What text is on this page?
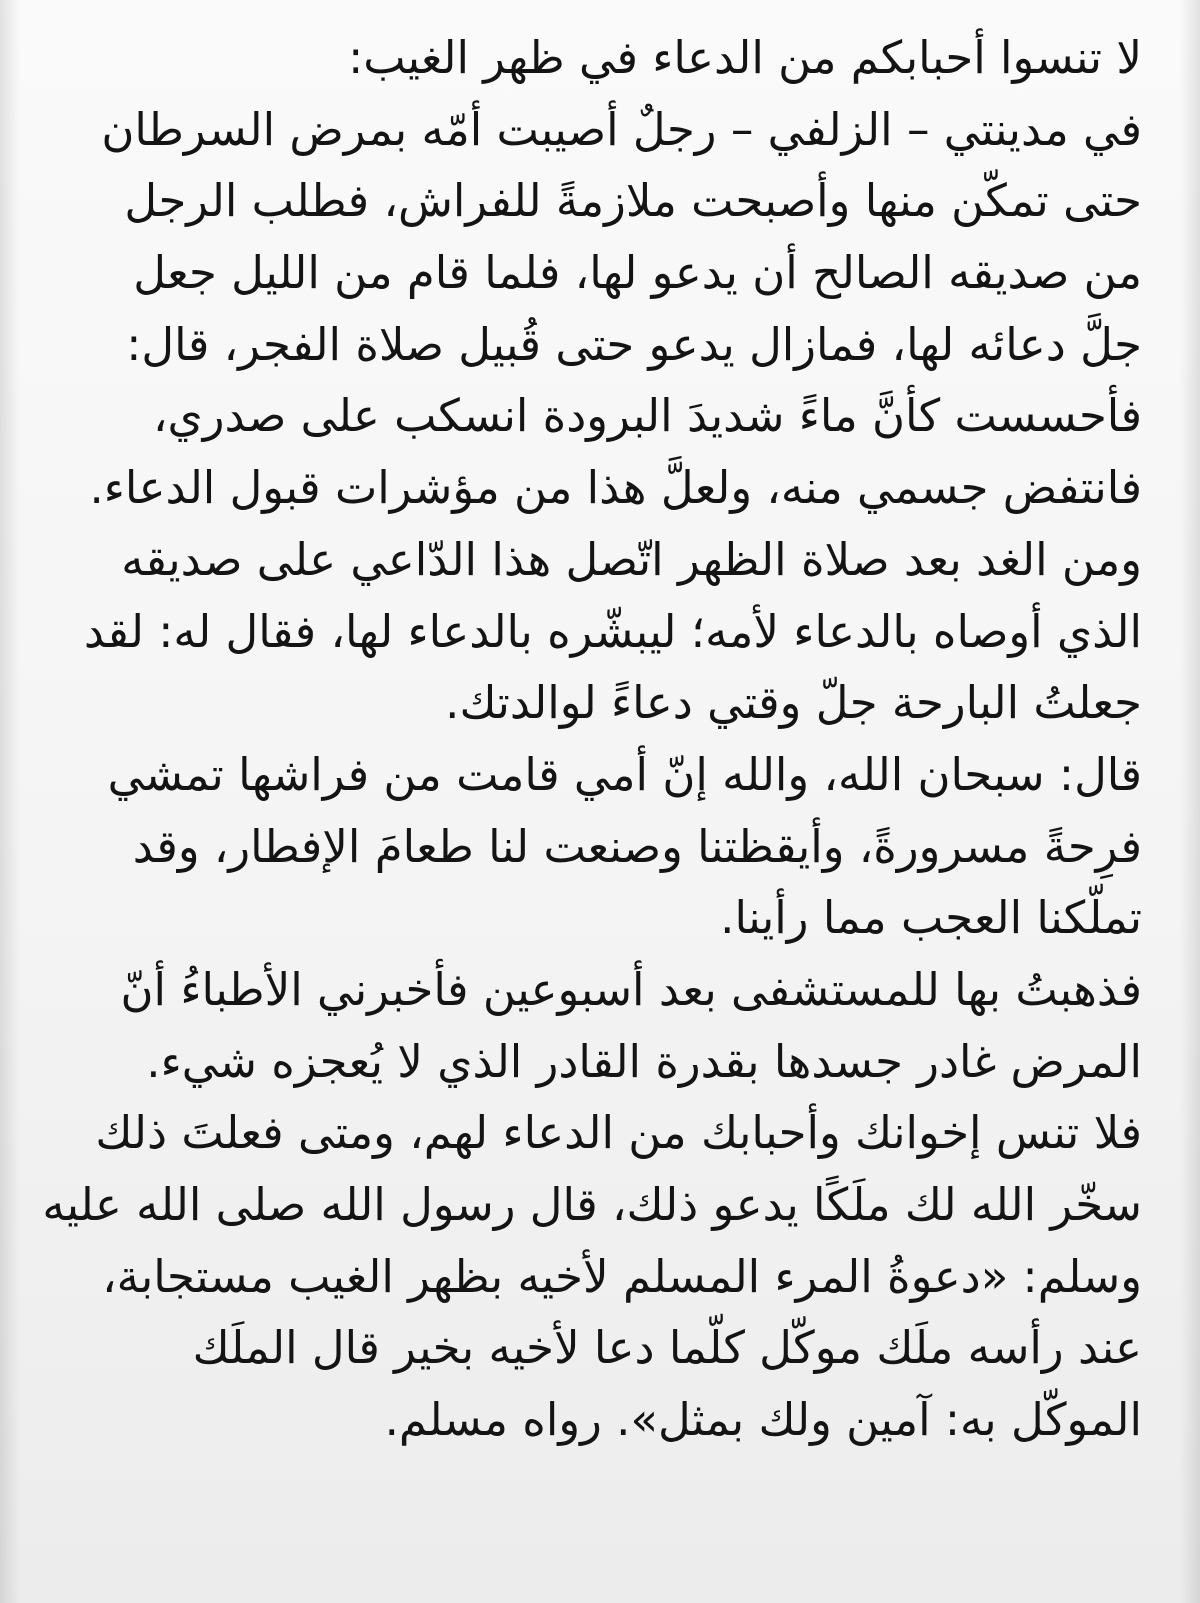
لا تنسوا أحبابكم من الدعاء في ظهر الغيب:
في مدينتي – الزلفي – رجلٌ أصيبت أمّه بمرض السرطان
حتى تمكّن منها وأصبحت ملازمةً للفراش، فطلب الرجل
من صديقه الصالح أن يدعو لها، فلما قام من الليل جعل
جلَّ دعائه لها، فمازال يدعو حتى قُبيل صلاة الفجر، قال:
فأحسست كأنَّ ماءً شديدَ البرودة انسكب على صدري،
فانتفض جسمي منه، ولعلَّ هذا من مؤشرات قبول الدعاء.
ومن الغد بعد صلاة الظهر اتّصل هذا الدّاعي على صديقه
الذي أوصاه بالدعاء لأمه؛ ليبشّره بالدعاء لها، فقال له: لقد
جعلتُ البارحة جلّ وقتي دعاءً لوالدتك.
قال: سبحان الله، والله إنّ أمي قامت من فراشها تمشي
فرِحةً مسرورةً، وأيقظتنا وصنعت لنا طعامَ الإفطار، وقد
تملّكنا العجب مما رأينا.
فذهبتُ بها للمستشفى بعد أسبوعين فأخبرني الأطباءُ أنّ
المرض غادر جسدها بقدرة القادر الذي لا يُعجزه شيء.
فلا تنس إخوانك وأحبابك من الدعاء لهم، ومتى فعلتَ ذلك
سخّر الله لك ملَكًا يدعو ذلك، قال رسول الله صلى الله عليه
وسلم: «دعوةُ المرء المسلم لأخيه بظهر الغيب مستجابة،
عند رأسه ملَك موكّل كلّما دعا لأخيه بخير قال الملَك
الموكّل به: آمين ولك بمثل». رواه مسلم.
